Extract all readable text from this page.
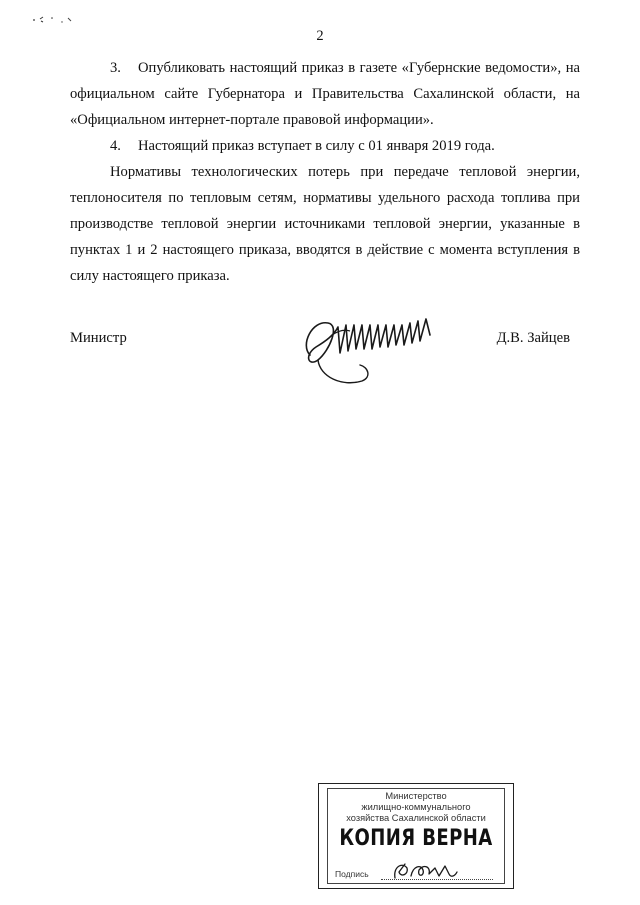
2

3. Опубликовать настоящий приказ в газете «Губернские ведомости», на официальном сайте Губернатора и Правительства Сахалинской области, на «Официальном интернет-портале правовой информации».

4. Настоящий приказ вступает в силу с 01 января 2019 года.

Нормативы технологических потерь при передаче тепловой энергии, теплоносителя по тепловым сетям, нормативы удельного расхода топлива при производстве тепловой энергии источниками тепловой энергии, указанные в пунктах 1 и 2 настоящего приказа, вводятся в действие с момента вступления в силу настоящего приказа.

Министр	Д.В. Зайцев
Министерство
жилищно-коммунального
хозяйства Сахалинской области
КОПИЯ ВЕРНА
Подпись
